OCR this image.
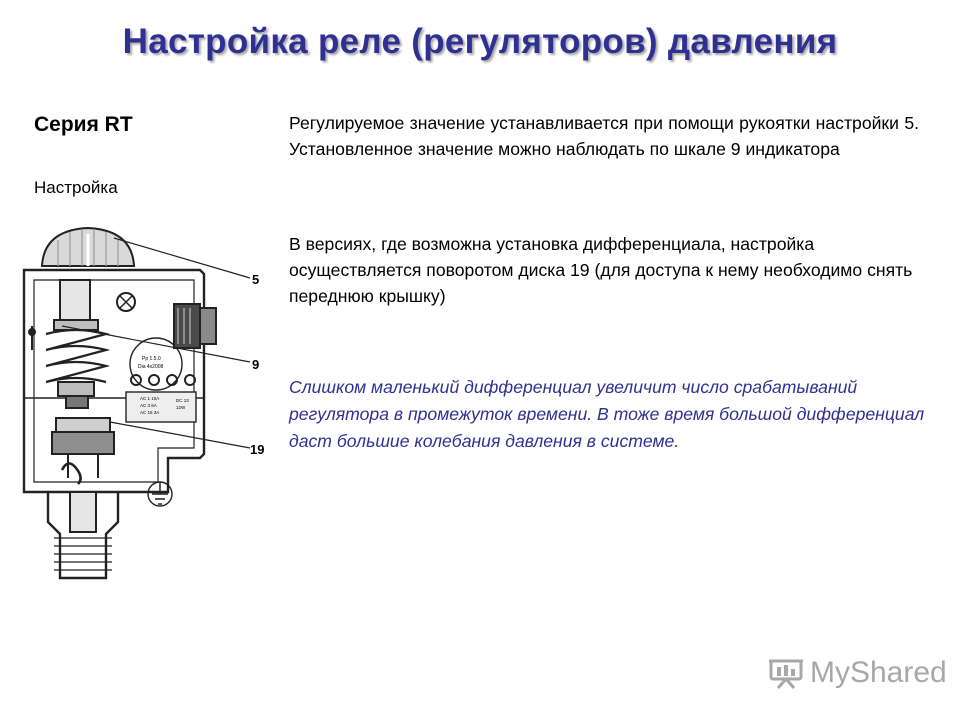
Настройка реле (регуляторов) давления
Серия RT
Настройка
Регулируемое значение устанавливается при помощи рукоятки настройки 5. Установленное значение можно наблюдать по шкале 9 индикатора
В версиях, где возможна установка дифференциала, настройка осуществляется поворотом диска 19 (для доступа к нему необходимо снять переднюю крышку)
Слишком маленький дифференциал увеличит число срабатываний регулятора в промежуток времени. В тоже время большой дифференциал даст большие колебания давления в системе.
5
9
19
Pp 1.5.0
Dia 4x2008
AC 1 10A
AC 3 6A
AC 15 3A
DC 13
12W
MyShared
